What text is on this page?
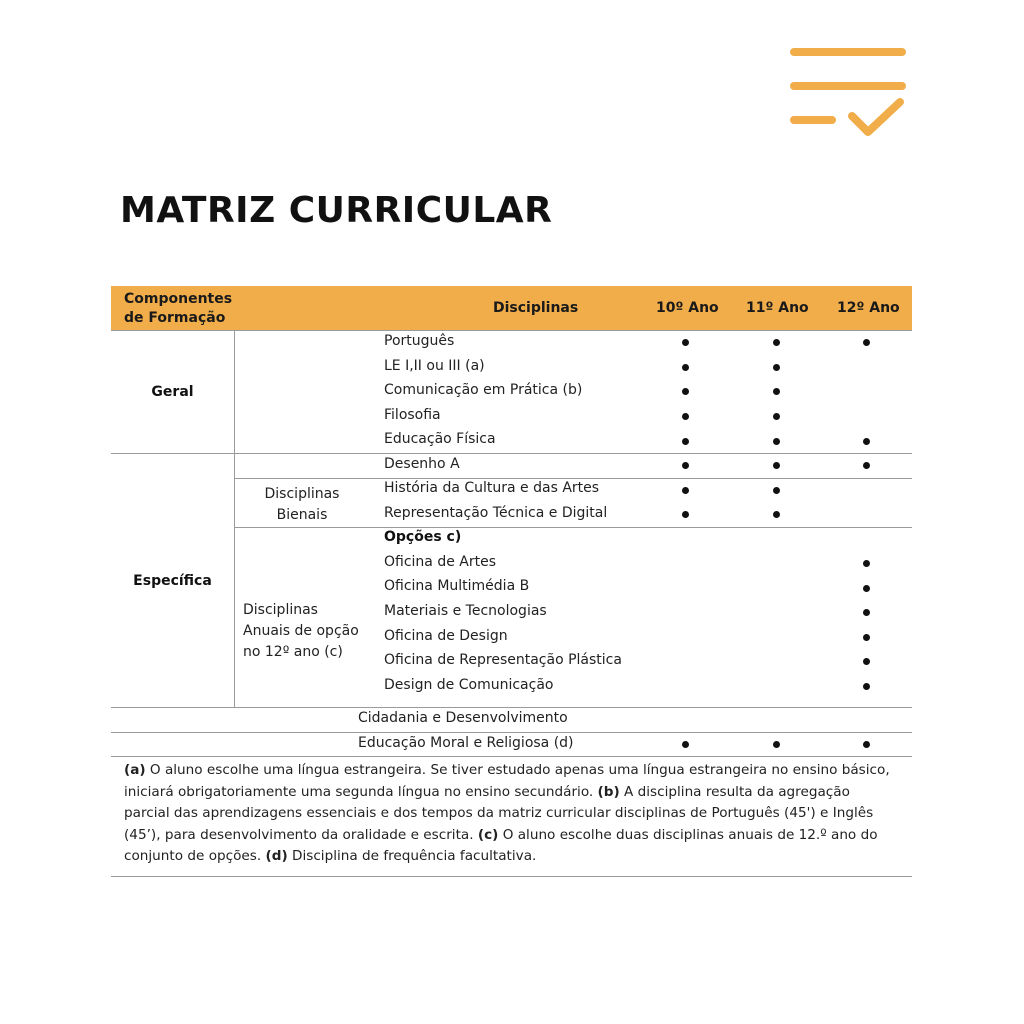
MATRIZ CURRICULAR
Componentes
de Formação
Disciplinas	10º Ano 11º Ano 12º Ano
Geral
Específica
Disciplinas
Bienais
Disciplinas
Anuais de opção
no 12º ano (c)
Português
LE I,II ou III (a)
Comunicação em Prática (b)
Filosofia
Educação Física
Desenho A
História da Cultura e das Artes
Representação Técnica e Digital
Opções c)
Oficina de Artes
Oficina Multimédia B
Materiais e Tecnologias
Oficina de Design
Oficina de Representação Plástica
Design de Comunicação
Cidadania e Desenvolvimento
Educação Moral e Religiosa (d)
(a) O aluno escolhe uma língua estrangeira. Se tiver estudado apenas uma língua estrangeira no ensino básico, iniciará obrigatoriamente uma segunda língua no ensino secundário. (b) A disciplina resulta da agregação parcial das aprendizagens essenciais e dos tempos da matriz curricular disciplinas de Português (45') e Inglês (45’), para desenvolvimento da oralidade e escrita. (c) O aluno escolhe duas disciplinas anuais de 12.º ano do conjunto de opções. (d) Disciplina de frequência facultativa.
